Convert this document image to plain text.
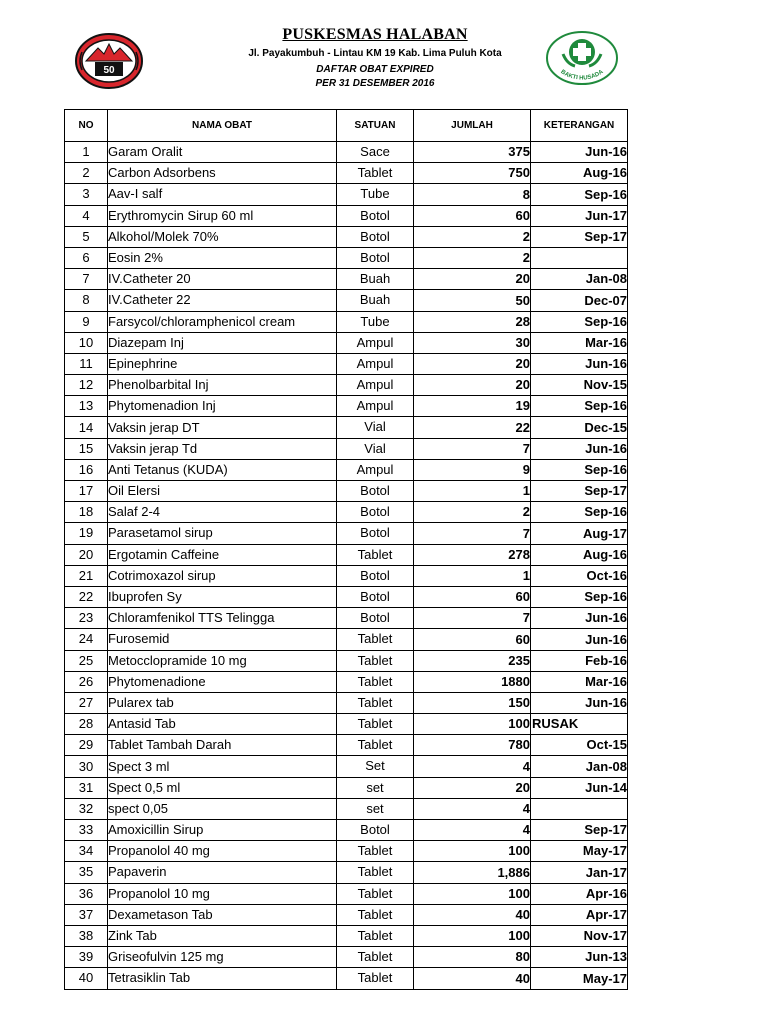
50
PUSKESMAS HALABAN
Jl. Payakumbuh - Lintau KM 19 Kab. Lima Puluh Kota
DAFTAR OBAT EXPIRED
PER 31 DESEMBER 2016
BAKTI HUSADA
NO	NAMA OBAT	SATUAN	JUMLAH	KETERANGAN
1	Garam Oralit	Sace	375	Jun-16

2	Carbon Adsorbens	Tablet	750	Aug-16

3	Aav-I salf	Tube	8	Sep-16

4	Erythromycin Sirup 60 ml	Botol	60	Jun-17

5	Alkohol/Molek 70%	Botol	2	Sep-17

6	Eosin 2%	Botol	2	

7	IV.Catheter 20	Buah	20	Jan-08

8	IV.Catheter 22	Buah	50	Dec-07

9	Farsycol/chloramphenicol cream	Tube	28	Sep-16

10	Diazepam Inj	Ampul	30	Mar-16

11	Epinephrine	Ampul	20	Jun-16

12	Phenolbarbital Inj	Ampul	20	Nov-15

13	Phytomenadion Inj	Ampul	19	Sep-16

14	Vaksin jerap DT	Vial	22	Dec-15

15	Vaksin jerap Td	Vial	7	Jun-16

16	Anti Tetanus (KUDA)	Ampul	9	Sep-16

17	Oil Elersi	Botol	1	Sep-17

18	Salaf 2-4	Botol	2	Sep-16

19	Parasetamol sirup	Botol	7	Aug-17

20	Ergotamin Caffeine	Tablet	278	Aug-16

21	Cotrimoxazol sirup	Botol	1	Oct-16

22	Ibuprofen Sy	Botol	60	Sep-16

23	Chloramfenikol TTS Telingga	Botol	7	Jun-16

24	Furosemid	Tablet	60	Jun-16

25	Metocclopramide 10 mg	Tablet	235	Feb-16

26	Phytomenadione	Tablet	1880	Mar-16

27	Pularex tab	Tablet	150	Jun-16

28	Antasid Tab	Tablet	100	RUSAK

29	Tablet Tambah Darah	Tablet	780	Oct-15

30	Spect 3 ml	Set	4	Jan-08

31	Spect 0,5 ml	set	20	Jun-14

32	spect 0,05	set	4	

33	Amoxicillin Sirup	Botol	4	Sep-17

34	Propanolol 40 mg	Tablet	100	May-17

35	Papaverin	Tablet	1,886	Jan-17

36	Propanolol 10 mg	Tablet	100	Apr-16

37	Dexametason Tab	Tablet	40	Apr-17

38	Zink Tab	Tablet	100	Nov-17

39	Griseofulvin 125 mg	Tablet	80	Jun-13

40	Tetrasiklin Tab	Tablet	40	May-17
